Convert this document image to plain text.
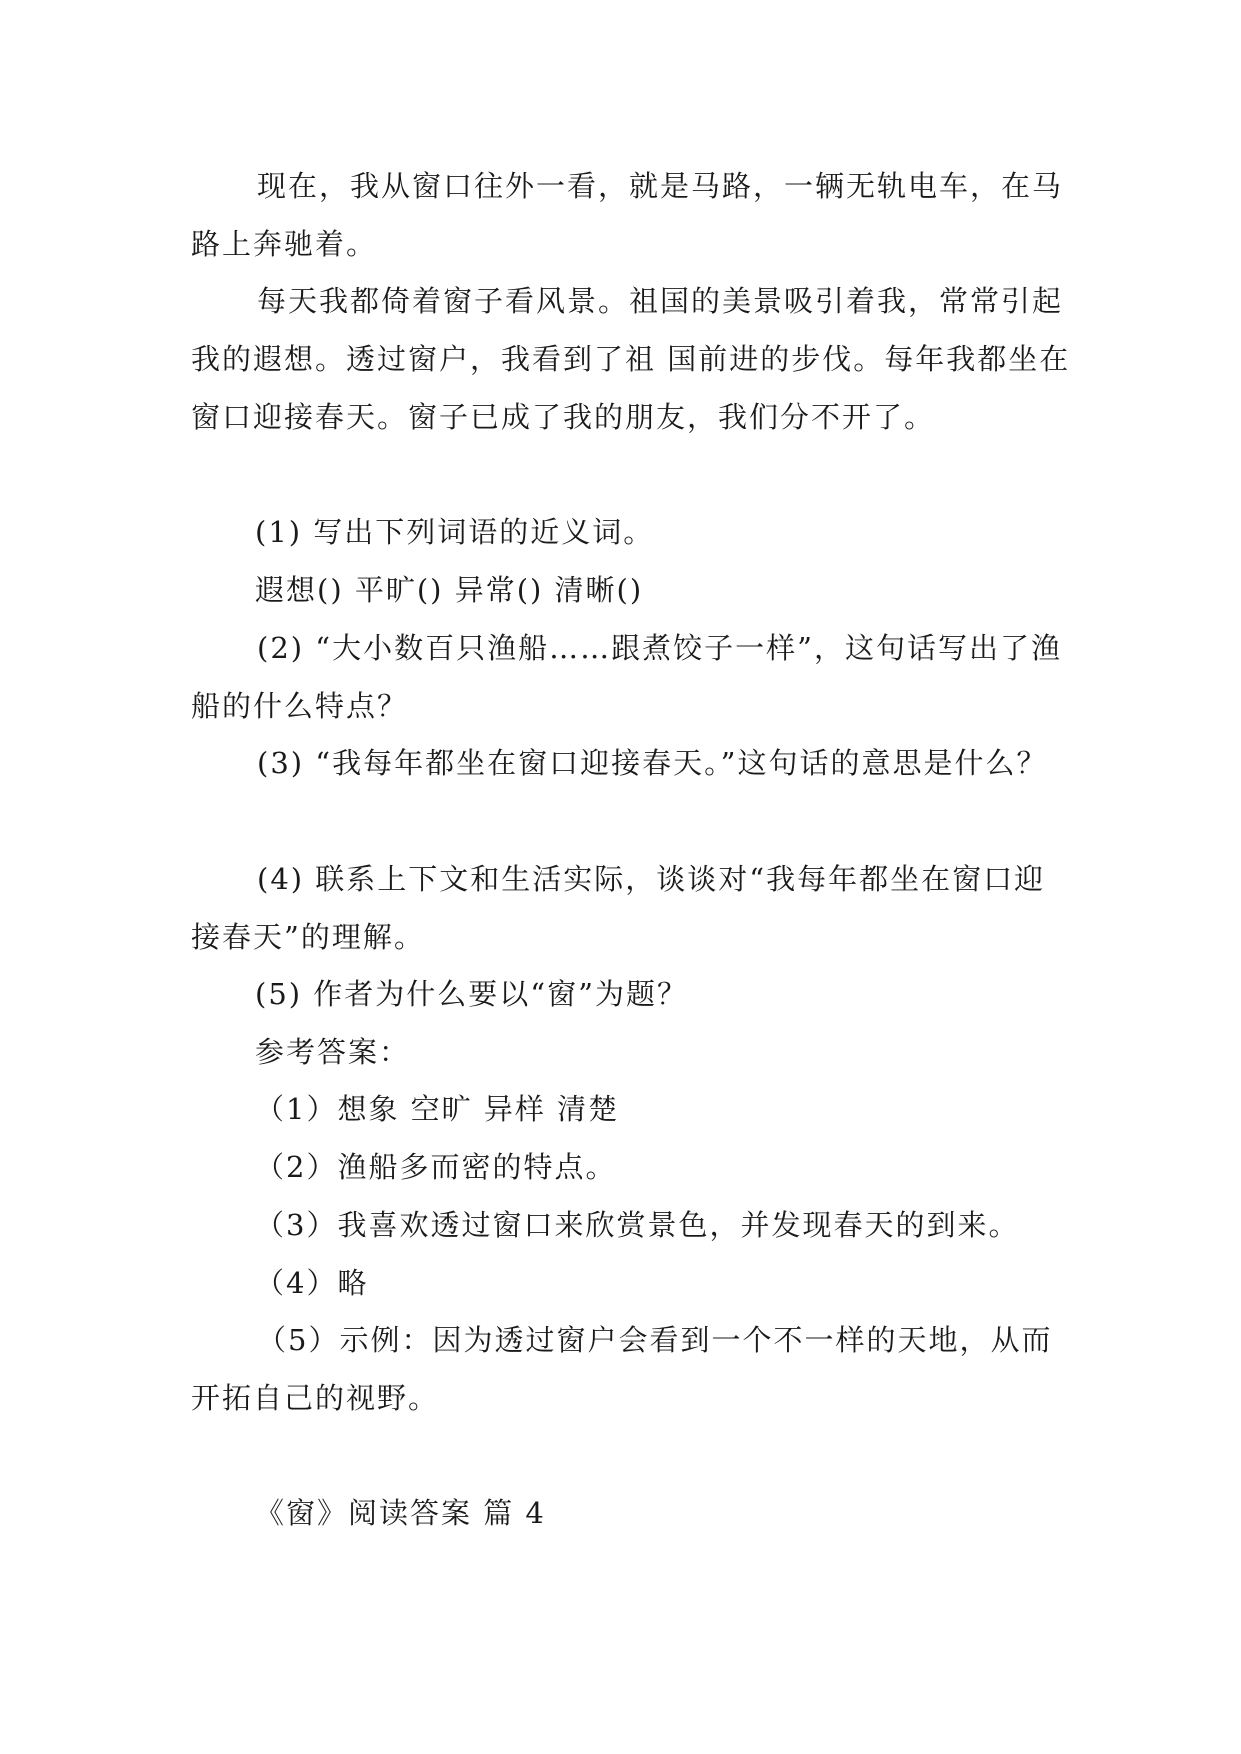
现在，我从窗口往外一看，就是马路，一辆无轨电车，在马路上奔驰着。

每天我都倚着窗子看风景。祖国的美景吸引着我，常常引起我的遐想。透过窗户，我看到了祖 国前进的步伐。每年我都坐在窗口迎接春天。窗子已成了我的朋友，我们分不开了。

(1) 写出下列词语的近义词。
遐想() 平旷() 异常() 清晰()

(2) “大小数百只渔船……跟煮饺子一样”，这句话写出了渔船的什么特点？

(3) “我每年都坐在窗口迎接春天。”这句话的意思是什么？

(4) 联系上下文和生活实际，谈谈对“我每年都坐在窗口迎接春天”的理解。

(5) 作者为什么要以“窗”为题？
参考答案：
（1）想象 空旷 异样 清楚
（2）渔船多而密的特点。
（3）我喜欢透过窗口来欣赏景色，并发现春天的到来。
（4）略

（5）示例：因为透过窗户会看到一个不一样的天地，从而开拓自己的视野。

《窗》阅读答案 篇 4
